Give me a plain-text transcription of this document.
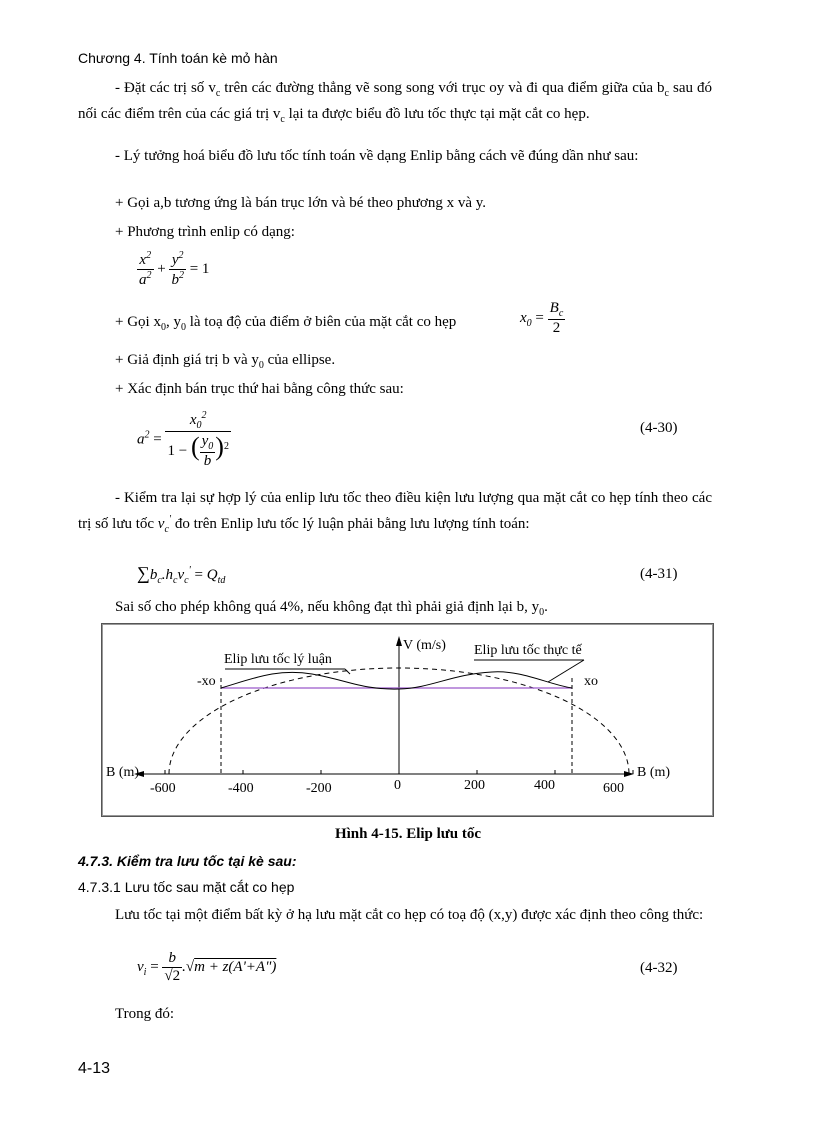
Chương 4. Tính toán kè mỏ hàn
- Đặt các trị số $v_c$ trên các đường thẳng vẽ song song với trục oy và đi qua điểm giữa của $b_c$ sau đó nối các điểm trên của các giá trị $v_c$ lại ta được biểu đồ lưu tốc thực tại mặt cắt co hẹp.
- Lý tưởng hoá biểu đồ lưu tốc tính toán về dạng Enlip bằng cách vẽ đúng dần như sau:
+ Gọi a,b tương ứng là bán trục lớn và bé theo phương x và y.
+ Phương trình enlip có dạng:
$\frac{x^2}{a^2} + \frac{y^2}{b^2} = 1$
+ Gọi $x_0$, $y_0$ là toạ độ của điểm ở biên của mặt cắt co hẹp	$x_0 = \frac{B_c}{2}$
+ Giả định giá trị b và $y_0$ của ellipse.
+ Xác định bán trục thứ hai bằng công thức sau:
$a^2 = \frac{x_0^2}{1 - ( \frac{y_0}{b} )^2}$	(4-30)
- Kiểm tra lại sự hợp lý của enlip lưu tốc theo điều kiện lưu lượng qua mặt cắt co hẹp tính theo các trị số lưu tốc $v_c'$ đo trên Enlip lưu tốc lý luận phải bằng lưu lượng tính toán:
$\sum b_c.h_cv_c' = Q_{td}$	(4-31)
Sai số cho phép không quá 4%, nếu không đạt thì phải giả định lại b, $y_0$.
V (m/s)
Elip lưu tốc lý luận
Elip lưu tốc thực tế
-xo	xo
B (m)	B (m)
-600	-400	-200	0	200	400	600
Hình 4-15. Elip lưu tốc
4.7.3. Kiểm tra lưu tốc tại kè sau:
4.7.3.1 Lưu tốc sau mặt cắt co hẹp
Lưu tốc tại một điểm bất kỳ ở hạ lưu mặt cắt co hẹp có toạ độ (x,y) được xác định theo công thức:
$v_i = \frac{b}{√2} .√m$ + z(A'+A")	(4-32)
Trong đó:
4-13
